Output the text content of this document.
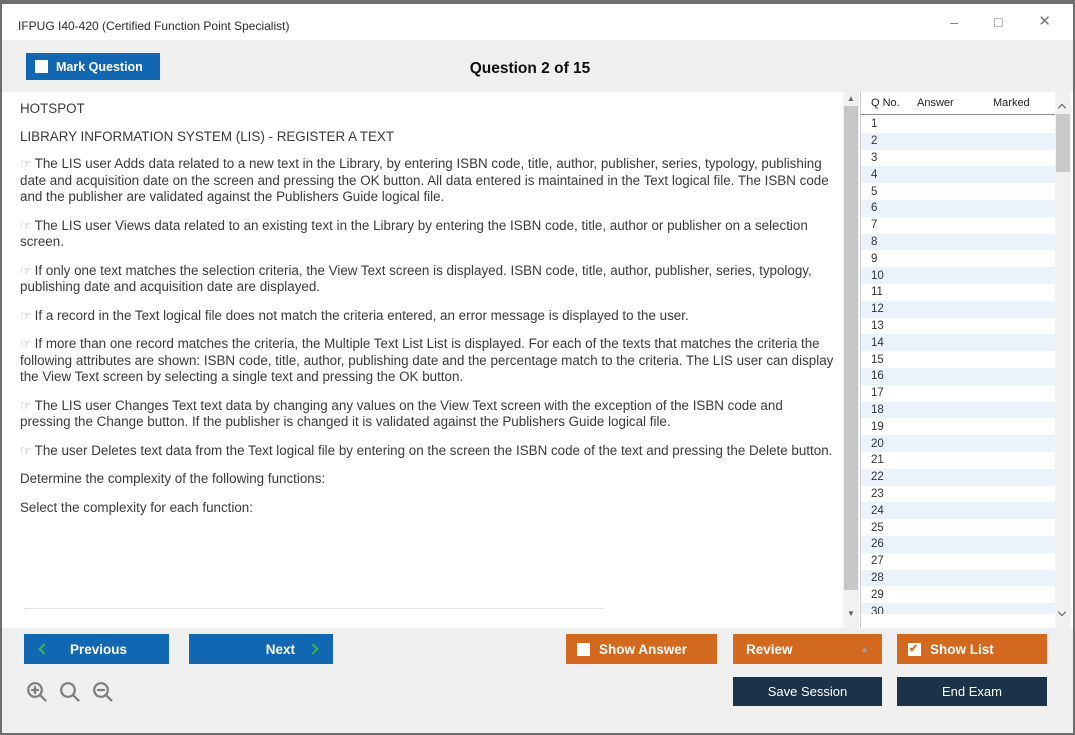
IFPUG I40-420 (Certified Function Point Specialist)	–	□ ✕
Mark Question	Question 2 of 15

HOTSPOT

LIBRARY INFORMATION SYSTEM (LIS) - REGISTER A TEXT

☞ The LIS user Adds data related to a new text in the Library, by entering ISBN code, title, author, publisher, series, typology, publishing date and acquisition date on the screen and pressing the OK button. All data entered is maintained in the Text logical file. The ISBN code and the publisher are validated against the Publishers Guide logical file.

☞ The LIS user Views data related to an existing text in the Library by entering the ISBN code, title, author or publisher on a selection screen.

☞ If only one text matches the selection criteria, the View Text screen is displayed. ISBN code, title, author, publisher, series, typology, publishing date and acquisition date are displayed.

☞ If a record in the Text logical file does not match the criteria entered, an error message is displayed to the user.

☞ If more than one record matches the criteria, the Multiple Text List List is displayed. For each of the texts that matches the criteria the following attributes are shown: ISBN code, title, author, publishing date and the percentage match to the criteria. The LIS user can display the View Text screen by selecting a single text and pressing the OK button.

☞ The LIS user Changes Text text data by changing any values on the View Text screen with the exception of the ISBN code and pressing the Change button. If the publisher is changed it is validated against the Publishers Guide logical file.

☞ The user Deletes text data from the Text logical file by entering on the screen the ISBN code of the text and pressing the Delete button.

Determine the complexity of the following functions:

Select the complexity for each function:

▲
▼
Q No.	Answer	Marked
1
2
3
4
5
6
7
8
9
10
11
12
13
14
15
16
17
18
19
20
21
22
23
24
25
26
27
28
29
30
Previous	Next	Show Answer	Review	▲ ✔	Show List
Save Session	End Exam
